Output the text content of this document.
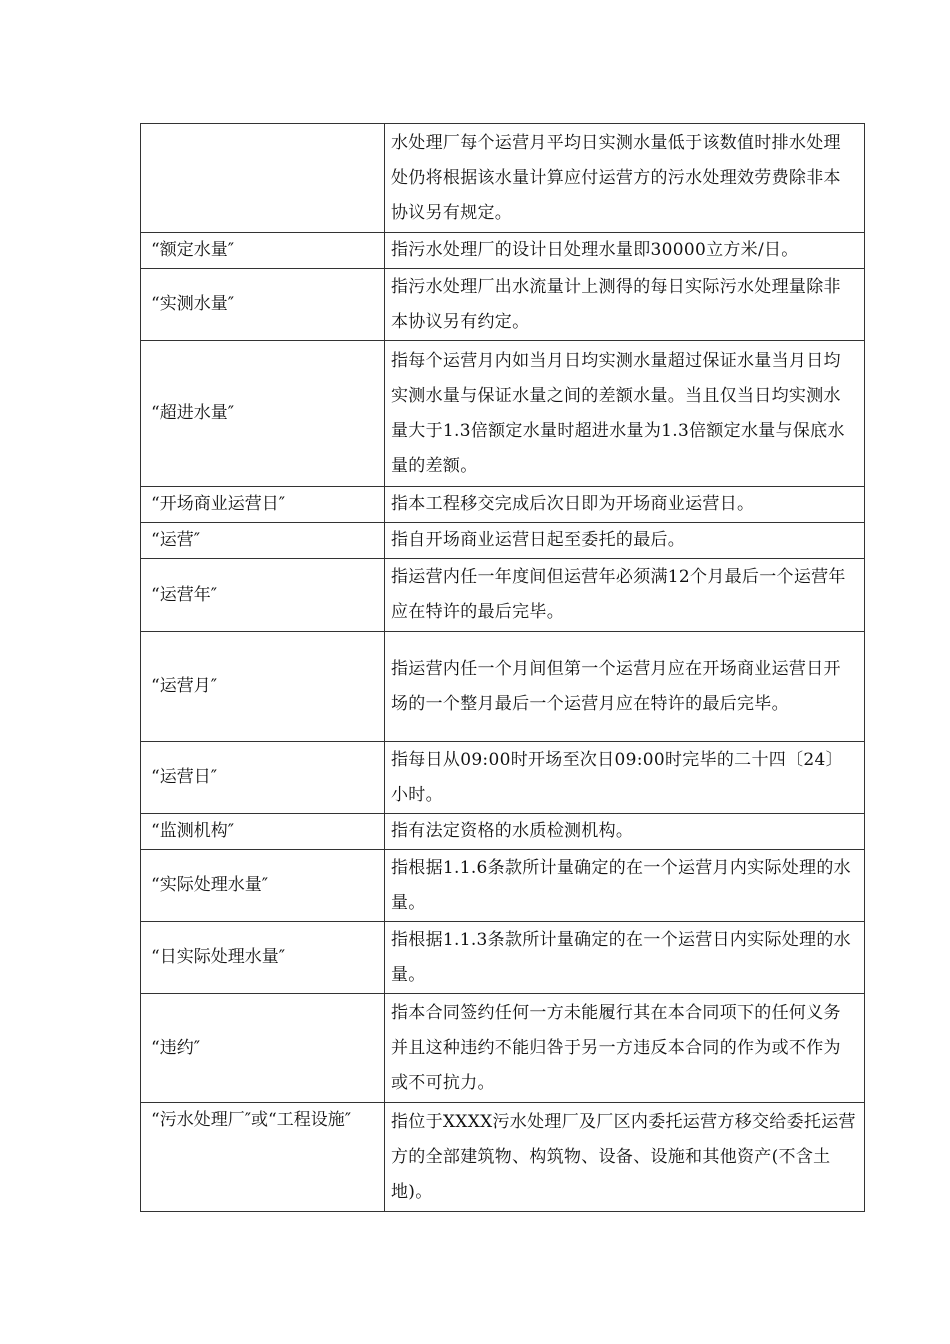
	水处理厂每个运营月平均日实测水量低于该数值时排水处理处仍将根据该水量计算应付运营方的污水处理效劳费除非本协议另有规定。
“额定水量″	指污水处理厂的设计日处理水量即30000立方米/日。
“实测水量″	指污水处理厂出水流量计上测得的每日实际污水处理量除非本协议另有约定。
“超进水量″	指每个运营月内如当月日均实测水量超过保证水量当月日均实测水量与保证水量之间的差额水量。当且仅当日均实测水量大于1.3倍额定水量时超进水量为1.3倍额定水量与保底水量的差额。
“开场商业运营日″	指本工程移交完成后次日即为开场商业运营日。
“运营″	指自开场商业运营日起至委托的最后。
“运营年″	指运营内任一年度间但运营年必须满12个月最后一个运营年应在特许的最后完毕。
“运营月″	指运营内任一个月间但第一个运营月应在开场商业运营日开场的一个整月最后一个运营月应在特许的最后完毕。
“运营日″	指每日从09:00时开场至次日09:00时完毕的二十四〔24〕小时。
“监测机构″	指有法定资格的水质检测机构。
“实际处理水量″	指根据1.1.6条款所计量确定的在一个运营月内实际处理的水量。
“日实际处理水量″	指根据1.1.3条款所计量确定的在一个运营日内实际处理的水量。
“违约″	指本合同签约任何一方未能履行其在本合同项下的任何义务并且这种违约不能归咎于另一方违反本合同的作为或不作为或不可抗力。
“污水处理厂″或“工程设施″	指位于XXXX污水处理厂及厂区内委托运营方移交给委托运营方的全部建筑物、构筑物、设备、设施和其他资产(不含土地)。
